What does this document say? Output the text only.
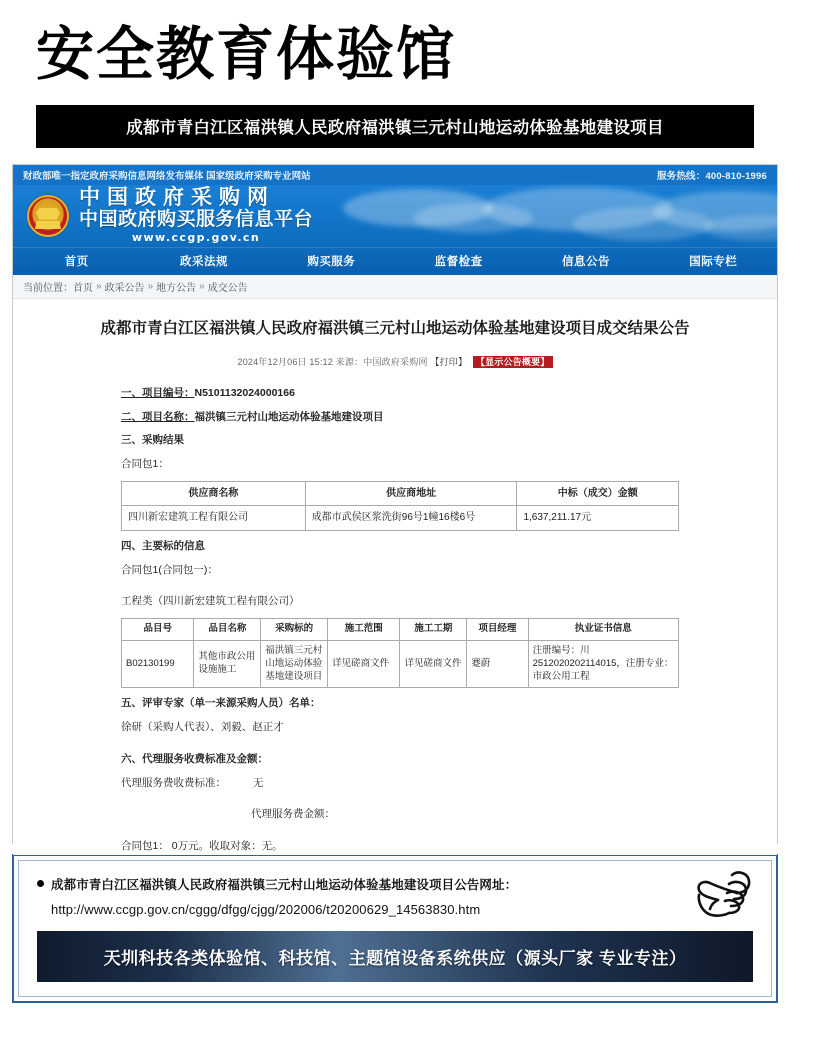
安全教育体验馆
成都市青白江区福洪镇人民政府福洪镇三元村山地运动体验基地建设项目
财政部唯一指定政府采购信息网络发布媒体 国家级政府采购专业网站	服务热线：400-810-1996
中国政府采购网
中国政府购买服务信息平台
www.ccgp.gov.cn
首页	政采法规	购买服务	监督检查	信息公告	国际专栏
当前位置： 首页 » 政采公告 » 地方公告 » 成交公告
成都市青白江区福洪镇人民政府福洪镇三元村山地运动体验基地建设项目成交结果公告
2024年12月06日 15:12 来源：中国政府采购网 【打印】 【显示公告概要】
一、项目编号：N5101132024000166
二、项目名称：福洪镇三元村山地运动体验基地建设项目
三、采购结果
合同包1：
供应商名称	供应商地址	中标（成交）金额
四川新宏建筑工程有限公司	成都市武侯区浆洗街96号1幢16楼6号	1,637,211.17元
四、主要标的信息
合同包1(合同包一)：
工程类（四川新宏建筑工程有限公司）
品目号	品目名称	采购标的	施工范围	施工工期	项目经理	执业证书信息
B02130199	其他市政公用设施施工	福洪镇三元村山地运动体验基地建设项目	详见磋商文件	详见磋商文件	蹇蔚	注册编号：川2512020202114015，注册专业：市政公用工程
五、评审专家（单一来源采购人员）名单：
徐研（采购人代表）、刘毅、赵正才
六、代理服务收费标准及金额：
代理服务费收费标准：	无
代理服务费金额：
合同包1： 0万元。收取对象：无。
成都市青白江区福洪镇人民政府福洪镇三元村山地运动体验基地建设项目公告网址：
http://www.ccgp.gov.cn/cggg/dfgg/cjgg/202006/t20200629_14563830.htm
天圳科技各类体验馆、科技馆、主题馆设备系统供应（源头厂家 专业专注）
